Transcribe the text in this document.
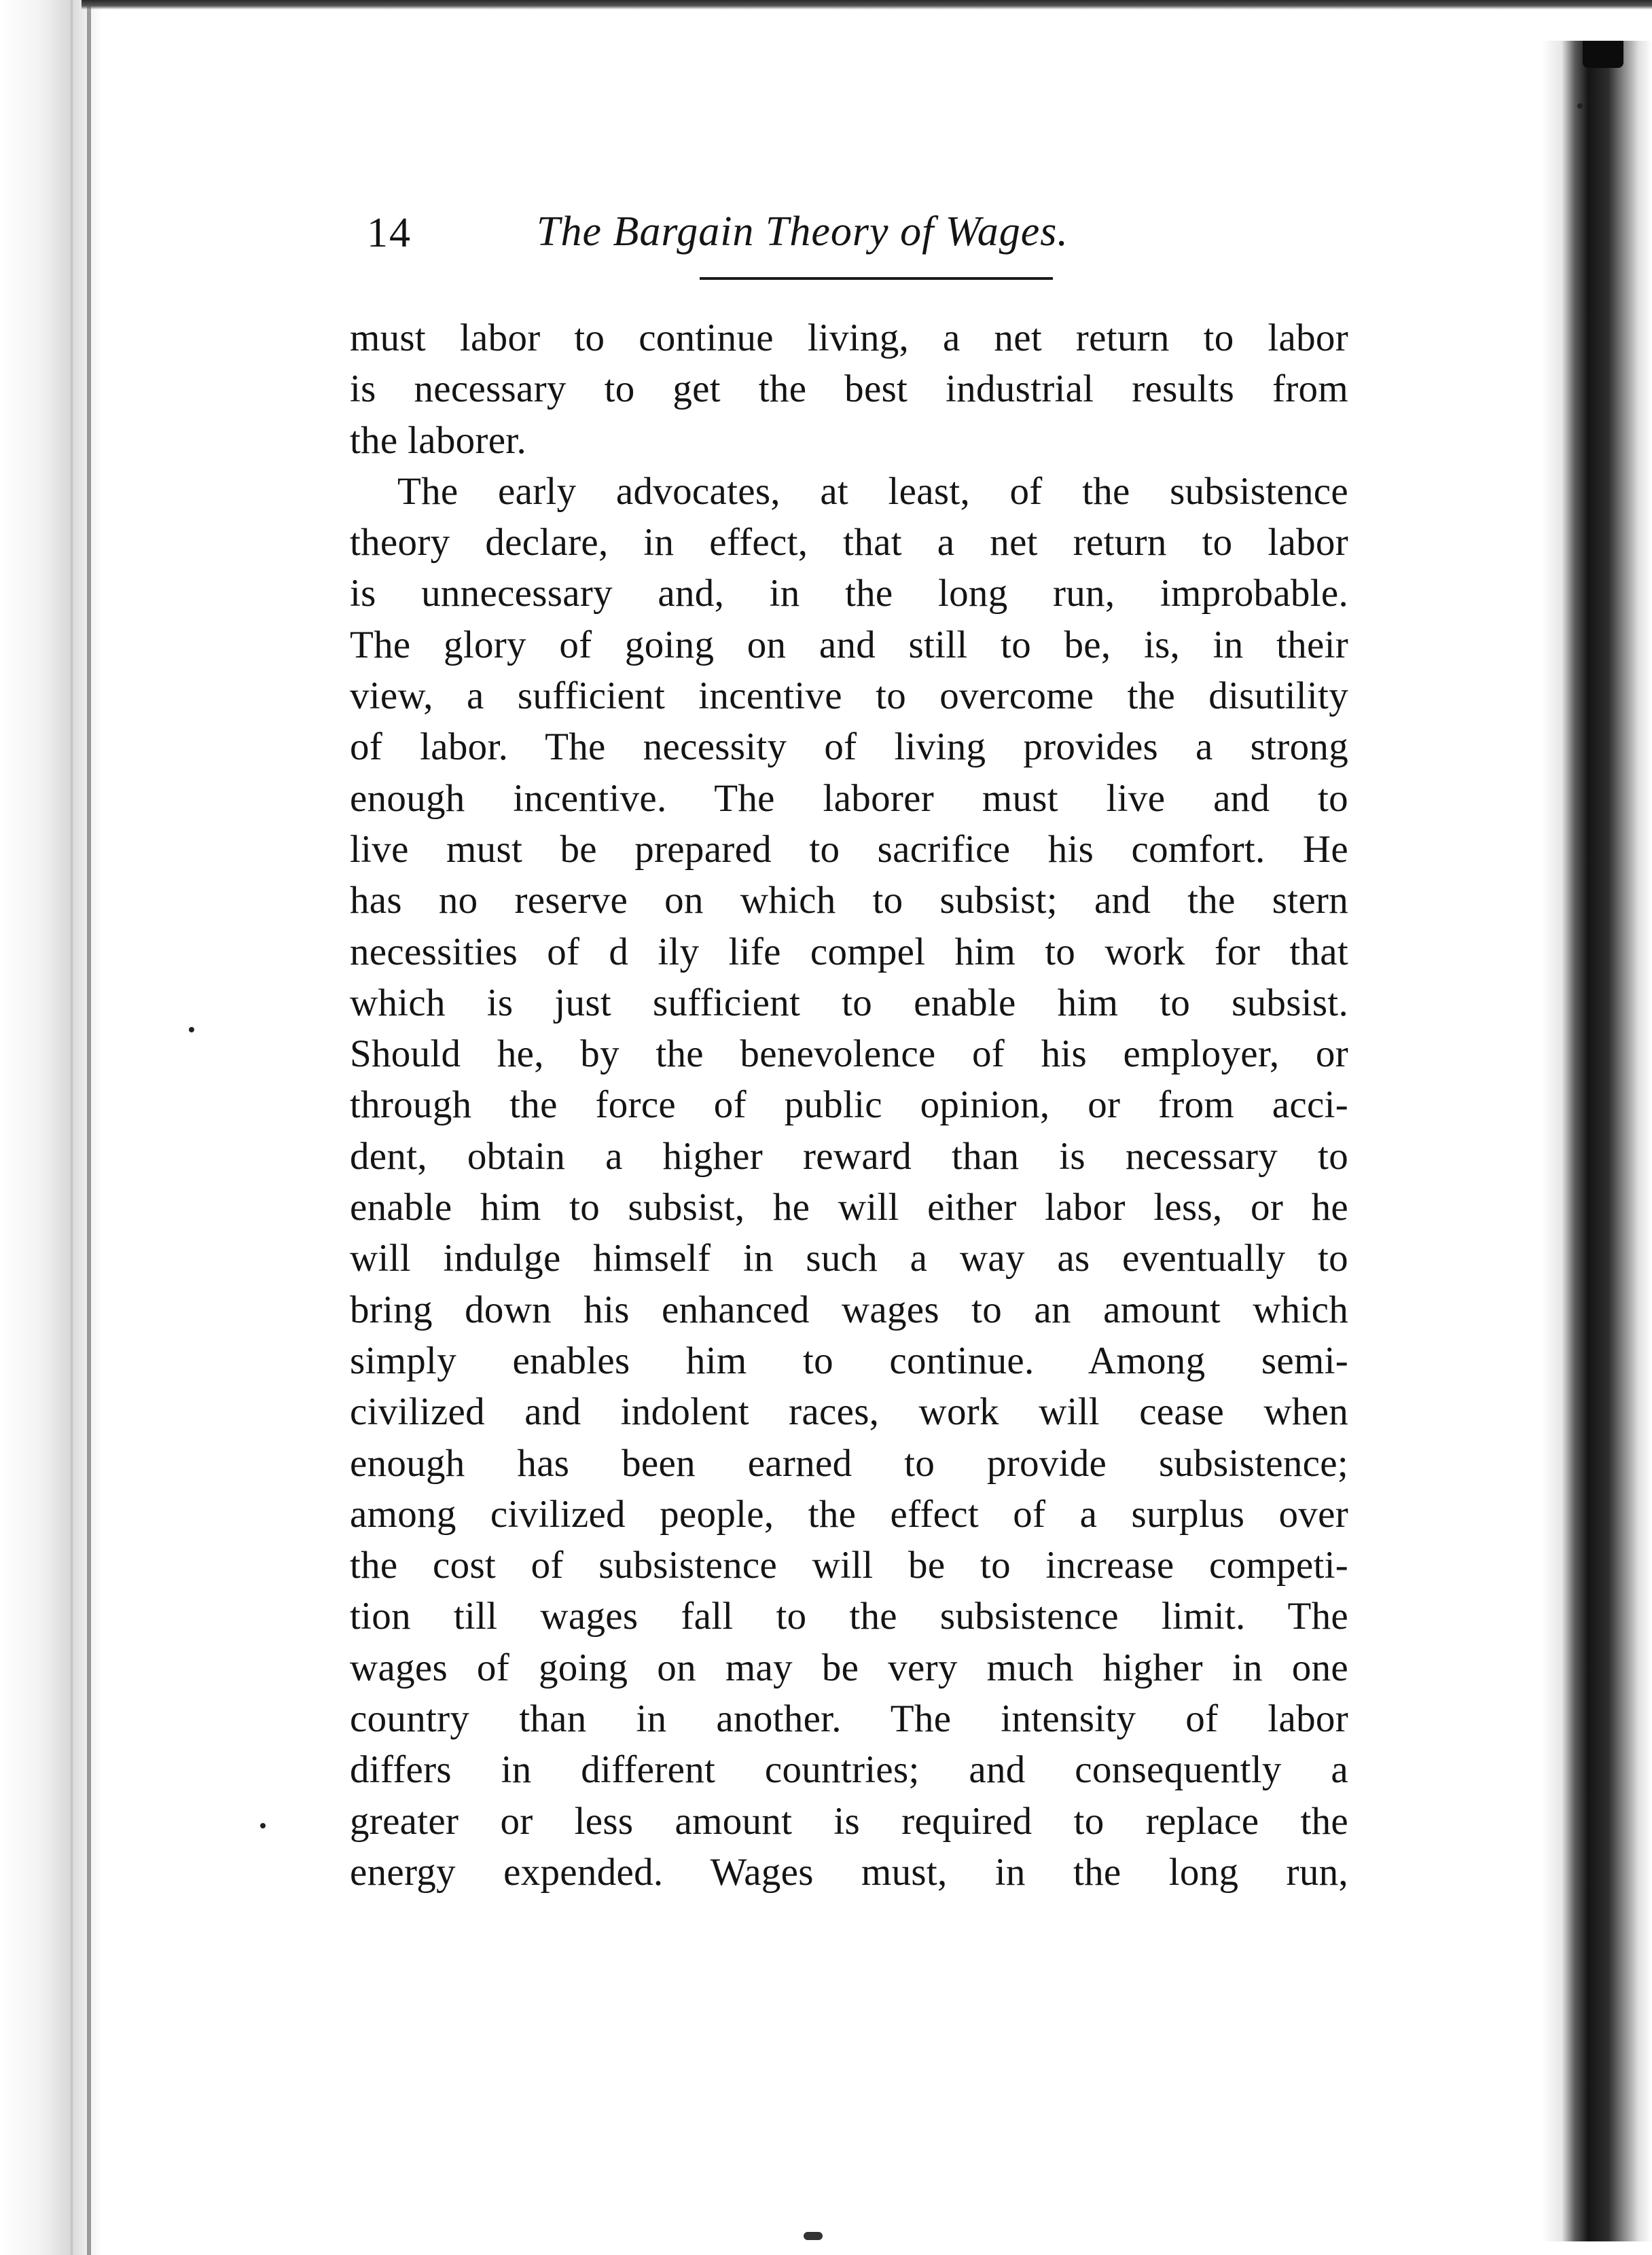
14	The Bargain Theory of Wages.
must labor to continue living, a net return to labor
is necessary to get the best industrial results from
the laborer.
The early advocates, at least, of the subsistence
theory declare, in effect, that a net return to labor
is unnecessary and, in the long run, improbable.
The glory of going on and still to be, is, in their
view, a sufficient incentive to overcome the disutility
of labor. The necessity of living provides a strong
enough incentive. The laborer must live and to
live must be prepared to sacrifice his comfort. He
has no reserve on which to subsist; and the stern
necessities of d ily life compel him to work for that
which is just sufficient to enable him to subsist.
Should he, by the benevolence of his employer, or
through the force of public opinion, or from acci-
dent, obtain a higher reward than is necessary to
enable him to subsist, he will either labor less, or he
will indulge himself in such a way as eventually to
bring down his enhanced wages to an amount which
simply enables him to continue. Among semi-
civilized and indolent races, work will cease when
enough has been earned to provide subsistence;
among civilized people, the effect of a surplus over
the cost of subsistence will be to increase competi-
tion till wages fall to the subsistence limit. The
wages of going on may be very much higher in one
country than in another. The intensity of labor
differs in different countries; and consequently a
greater or less amount is required to replace the
energy expended. Wages must, in the long run,
